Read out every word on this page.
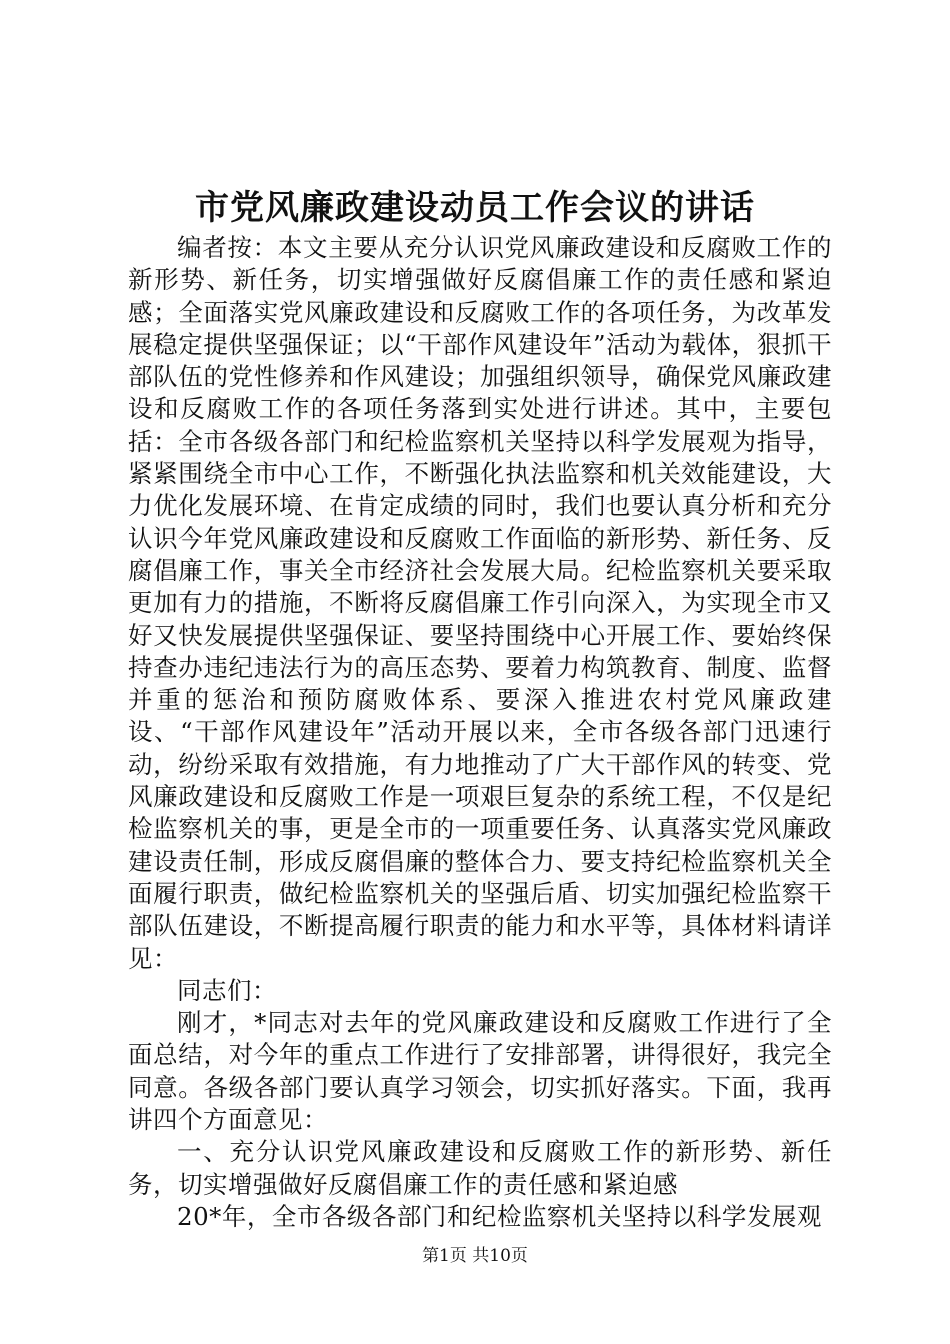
市党风廉政建设动员工作会议的讲话

编者按：本文主要从充分认识党风廉政建设和反腐败工作的新形势、新任务，切实增强做好反腐倡廉工作的责任感和紧迫感；全面落实党风廉政建设和反腐败工作的各项任务，为改革发展稳定提供坚强保证；以“干部作风建设年”活动为载体，狠抓干部队伍的党性修养和作风建设；加强组织领导，确保党风廉政建设和反腐败工作的各项任务落到实处进行讲述。其中，主要包括：全市各级各部门和纪检监察机关坚持以科学发展观为指导，紧紧围绕全市中心工作，不断强化执法监察和机关效能建设，大力优化发展环境、在肯定成绩的同时，我们也要认真分析和充分认识今年党风廉政建设和反腐败工作面临的新形势、新任务、反腐倡廉工作，事关全市经济社会发展大局。纪检监察机关要采取更加有力的措施，不断将反腐倡廉工作引向深入，为实现全市又好又快发展提供坚强保证、要坚持围绕中心开展工作、要始终保持查办违纪违法行为的高压态势、要着力构筑教育、制度、监督并重的惩治和预防腐败体系、要深入推进农村党风廉政建设、“干部作风建设年”活动开展以来，全市各级各部门迅速行动，纷纷采取有效措施，有力地推动了广大干部作风的转变、党风廉政建设和反腐败工作是一项艰巨复杂的系统工程，不仅是纪检监察机关的事，更是全市的一项重要任务、认真落实党风廉政建设责任制，形成反腐倡廉的整体合力、要支持纪检监察机关全面履行职责，做纪检监察机关的坚强后盾、切实加强纪检监察干部队伍建设，不断提高履行职责的能力和水平等，具体材料请详见：

同志们：

刚才，*同志对去年的党风廉政建设和反腐败工作进行了全面总结，对今年的重点工作进行了安排部署，讲得很好，我完全同意。各级各部门要认真学习领会，切实抓好落实。下面，我再讲四个方面意见：

一、充分认识党风廉政建设和反腐败工作的新形势、新任务，切实增强做好反腐倡廉工作的责任感和紧迫感

20*年，全市各级各部门和纪检监察机关坚持以科学发展观

第1页 共10页
